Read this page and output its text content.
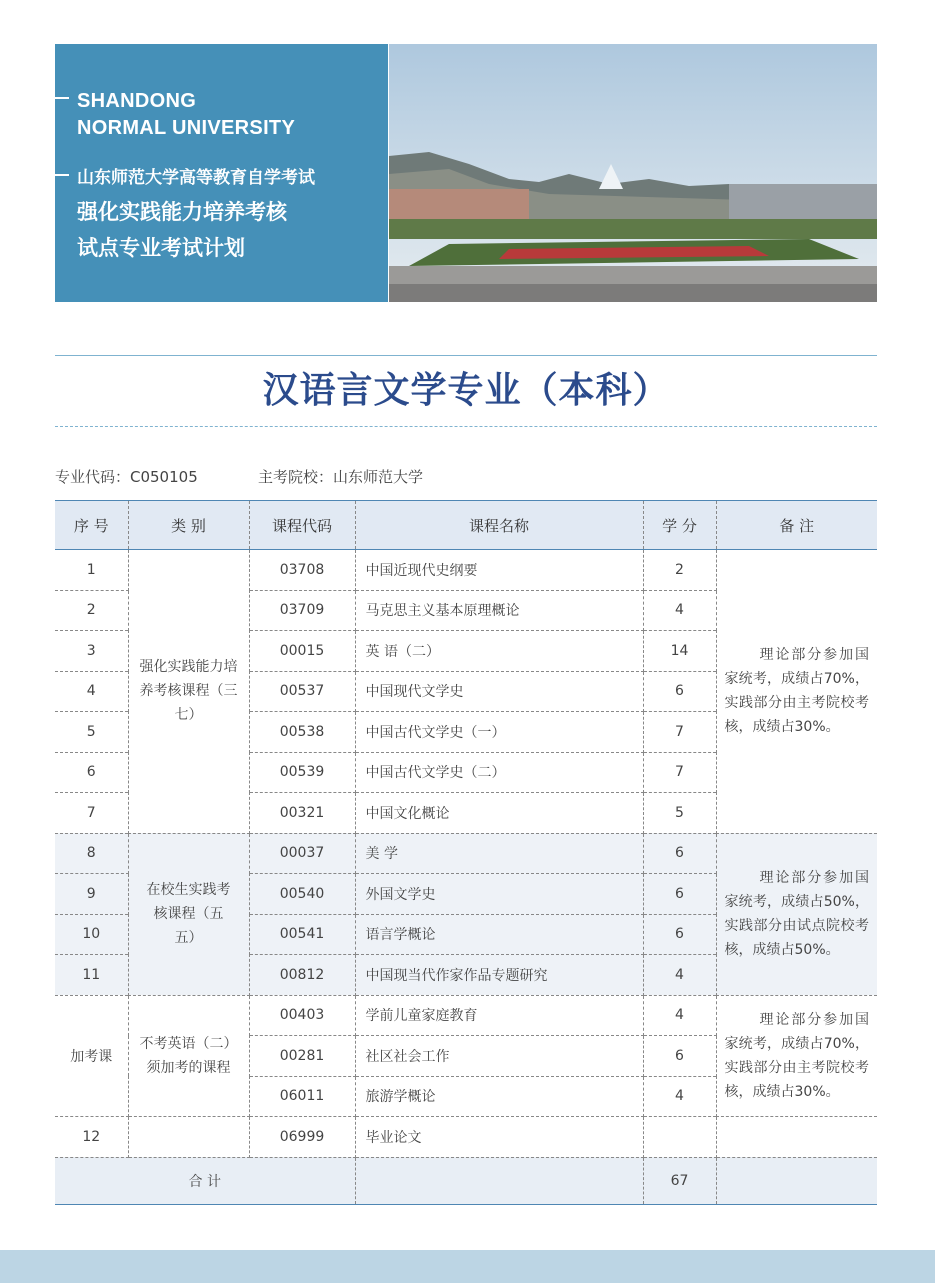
SHANDONG
NORMAL UNIVERSITY
山东师范大学高等教育自学考试
强化实践能力培养考核
试点专业考试计划
汉语言文学专业（本科）
专业代码：C050105	主考院校：山东师范大学
序 号	类 别	课程代码	课程名称	学 分	备 注
1	强化实践能力培养考核课程（三七）	03708	中国近现代史纲要	2	理论部分参加国家统考，成绩占70%，实践部分由主考院校考核，成绩占30%。

2		03709	马克思主义基本原理概论	4	
3		00015	英 语（二）	14	
4		00537	中国现代文学史	6	
5		00538	中国古代文学史（一）	7	
6		00539	中国古代文学史（二）	7	
7		00321	中国文化概论	5	
8	在校生实践考核课程（五五）	00037	美 学	6	理论部分参加国家统考，成绩占50%，实践部分由试点院校考核，成绩占50%。

9		00540	外国文学史	6	
10		00541	语言学概论	6	
11		00812	中国现当代作家作品专题研究	4	
加考课	不考英语（二）须加考的课程	00403	学前儿童家庭教育	4	理论部分参加国家统考，成绩占70%，实践部分由主考院校考核，成绩占30%。

		00281	社区社会工作	6	
		06011	旅游学概论	4	
12		06999	毕业论文		
合 计				67	
